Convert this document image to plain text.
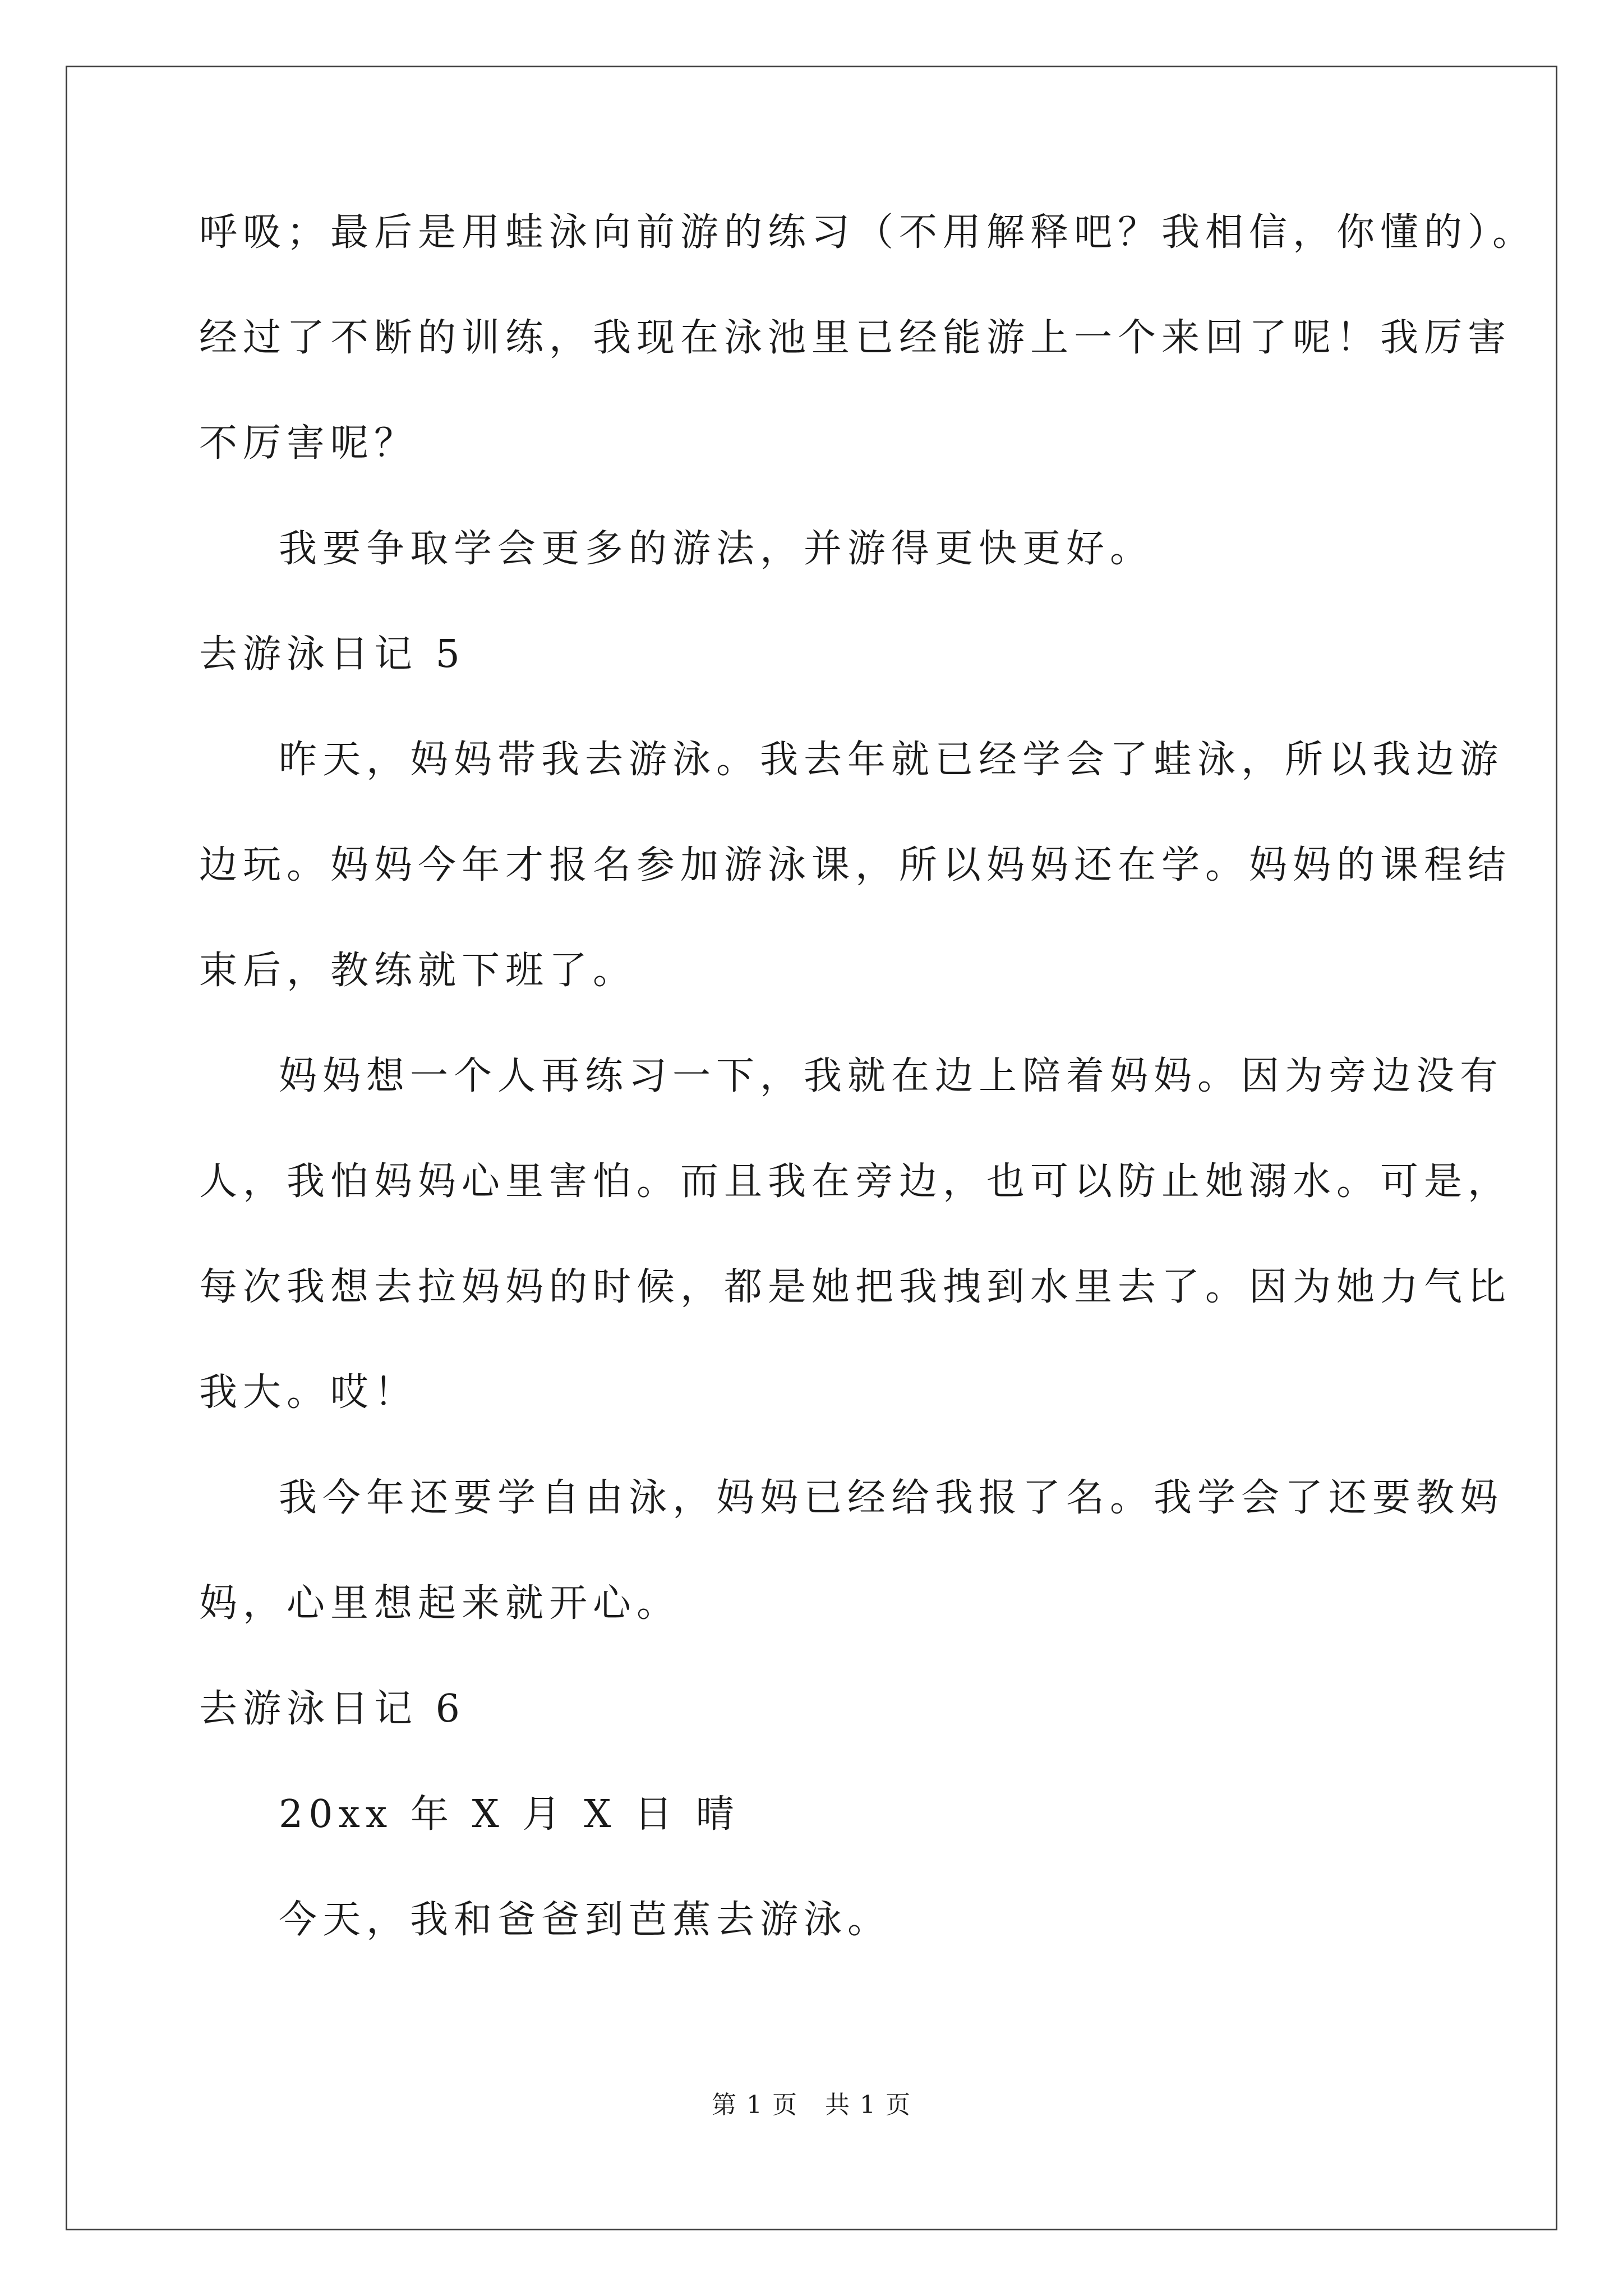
呼吸；最后是用蛙泳向前游的练习（不用解释吧？我相信，你懂的）。
经过了不断的训练，我现在泳池里已经能游上一个来回了呢！我厉害
不厉害呢？
我要争取学会更多的游法，并游得更快更好。
去游泳日记 5
昨天，妈妈带我去游泳。我去年就已经学会了蛙泳，所以我边游
边玩。妈妈今年才报名参加游泳课，所以妈妈还在学。妈妈的课程结
束后，教练就下班了。
妈妈想一个人再练习一下，我就在边上陪着妈妈。因为旁边没有
人，我怕妈妈心里害怕。而且我在旁边，也可以防止她溺水。可是，
每次我想去拉妈妈的时候，都是她把我拽到水里去了。因为她力气比
我大。哎！
我今年还要学自由泳，妈妈已经给我报了名。我学会了还要教妈
妈，心里想起来就开心。
去游泳日记 6
20xx 年 X 月 X 日 晴
今天，我和爸爸到芭蕉去游泳。
第 1 页 共 1 页
